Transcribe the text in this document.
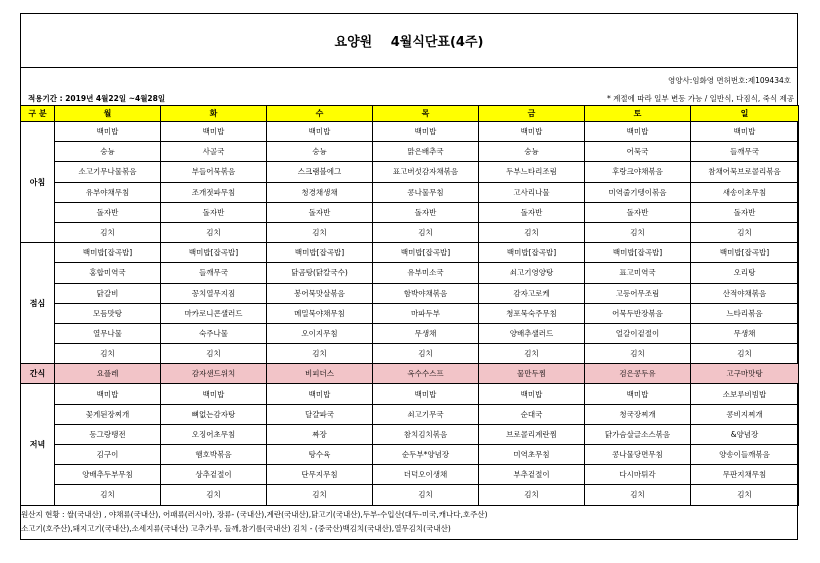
요양원 4월식단표(4주)
영양사:임화영 면허번호:제109434호
적용기간 : 2019년 4월22일 ~4월28일	* 계절에 따라 일부 변동 가능 / 일반식, 다짐식, 죽식 제공
구 분	월	화	수	목	금	토	일
아침	백미밥	백미밥	백미밥	백미밥	백미밥	백미밥	백미밥
	숭늉	사골국	숭늉	맑은배추국	숭늉	어묵국	들깨무국
	소고기무나물볶음	부들어묵볶음	스크램블에그	표고버섯감자채볶음	두부느타리조림	후랑크야채볶음	참채어묵브로콜리볶음
	유부야채무침	조개젓파무침	청경채생채	콩나물무침	고사리나물	미역줄기텡이볶음	새송이초무침
	돌자반	돌자반	돌자반	돌자반	돌자반	돌자반	돌자반
	김치	김치	김치	김치	김치	김치	김치
점심	백미밥[잡곡밥]	백미밥[잡곡밥]	백미밥[잡곡밥]	백미밥[잡곡밥]	백미밥[잡곡밥]	백미밥[잡곡밥]	백미밥[잡곡밥]
	홍합미역국	들깨무국	닭곰탕(닭칼국수)	유부미소국	쇠고기영양탕	표고미역국	오리탕
	닭갈비	꽁치열무지짐	봉어묵맛살볶음	함박야채볶음	감자고로케	고등어무조림	산적야채볶음
	모듬맛탕	마카로니콘샐러드	메밀묵야채무침	마파두부	청포묵숙주무침	어묵두반장볶음	느타리볶음
	열무나물	숙주나물	오이지무침	무생채	양배추샐러드	얼갈이겉절이	무생채
	김치	김치	김치	김치	김치	김치	김치
간식	요플레	감자샌드위치	비피더스	옥수수스프	물만두찜	검은콩두유	고구마맛탕
저녁	백미밥	백미밥	백미밥	백미밥	백미밥	백미밥	소보루비빔밥
	꽃게된장찌개	뼈없는감자탕	달걀파국	쇠고기무국	순대국	청국장찌개	콩비지찌개
	동그랑땡전	오징어초무침	짜장	참치김치볶음	브로콜리계란찜	닭가슴살글소스볶음	&양념장
	김구이	햄호박볶음	탕수육	순두부*양념장	미역초무침	콩나물당면무침	양송이들깨볶음
	양배추두부무침	상추겉절이	단무지무침	더덕오이생채	부추겉절이	다시마튀각	무판지채무침
	김치	김치	김치	김치	김치	김치	김치
원산지 현황 : 쌀(국내산) , 야채류(국내산), 어패류(러시아), 장류- (국내산),계란(국내산),닭고기(국내산),두부-수입산(대두-미국,캐나다,호주산)
소고기(호주산),돼지고기(국내산),소세지류(국내산) 고추가루, 들깨,참기름(국내산) 김치 - (중국산)백김치(국내산),열무김치(국내산)
